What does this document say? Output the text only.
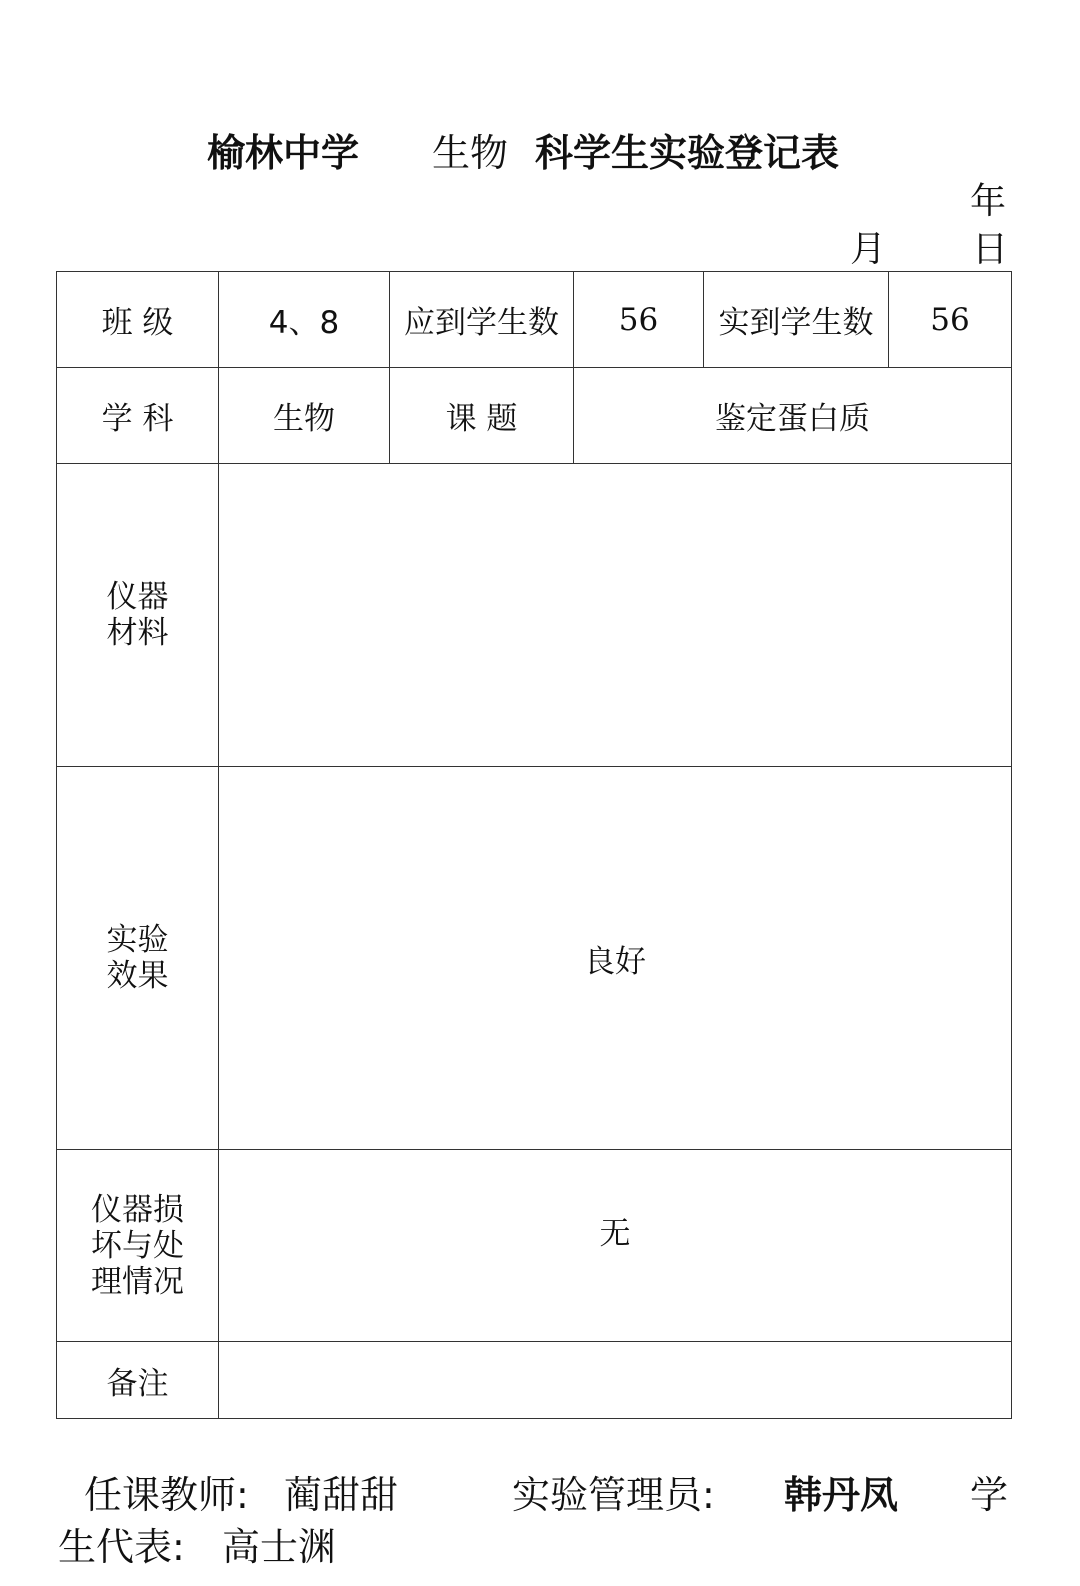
榆林中学 生物 科学生实验登记表
年
月 日
班 级	4、8	应到学生数	56	实到学生数	56
学 科	生物	课 题	鉴定蛋白质		

仪器
材料					

实验
效果	良好				

仪器损
坏与处
理情况	无				
备注					
任课教师: 蔺甜甜	实验管理员: 韩丹凤 学
生代表: 高士渊
